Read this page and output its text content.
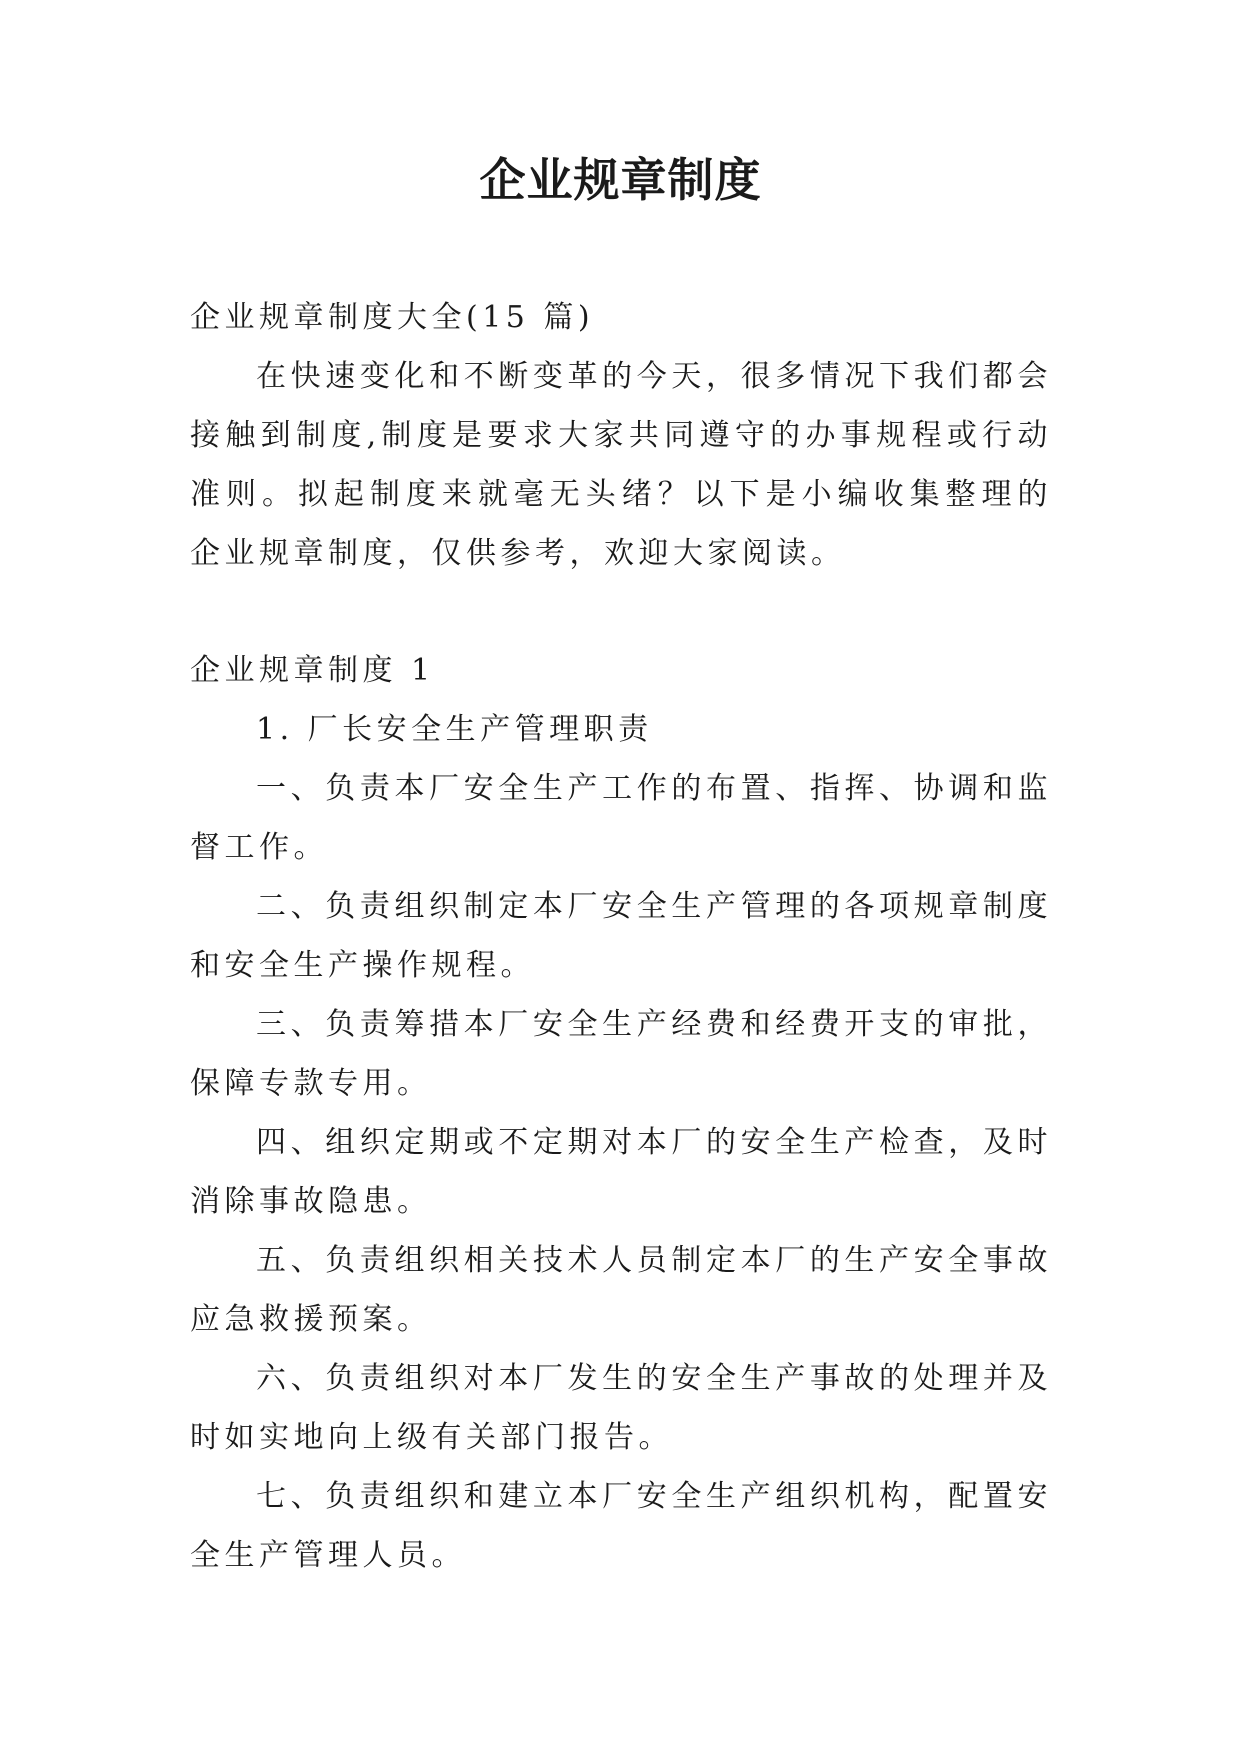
企业规章制度

企业规章制度大全(15 篇)

在快速变化和不断变革的今天，很多情况下我们都会接触到制度,制度是要求大家共同遵守的办事规程或行动准则。拟起制度来就毫无头绪？以下是小编收集整理的企业规章制度，仅供参考，欢迎大家阅读。

企业规章制度 1

1. 厂长安全生产管理职责

一、负责本厂安全生产工作的布置、指挥、协调和监督工作。

二、负责组织制定本厂安全生产管理的各项规章制度和安全生产操作规程。

三、负责筹措本厂安全生产经费和经费开支的审批，保障专款专用。

四、组织定期或不定期对本厂的安全生产检查，及时消除事故隐患。

五、负责组织相关技术人员制定本厂的生产安全事故应急救援预案。

六、负责组织对本厂发生的安全生产事故的处理并及时如实地向上级有关部门报告。

七、负责组织和建立本厂安全生产组织机构，配置安全生产管理人员。
